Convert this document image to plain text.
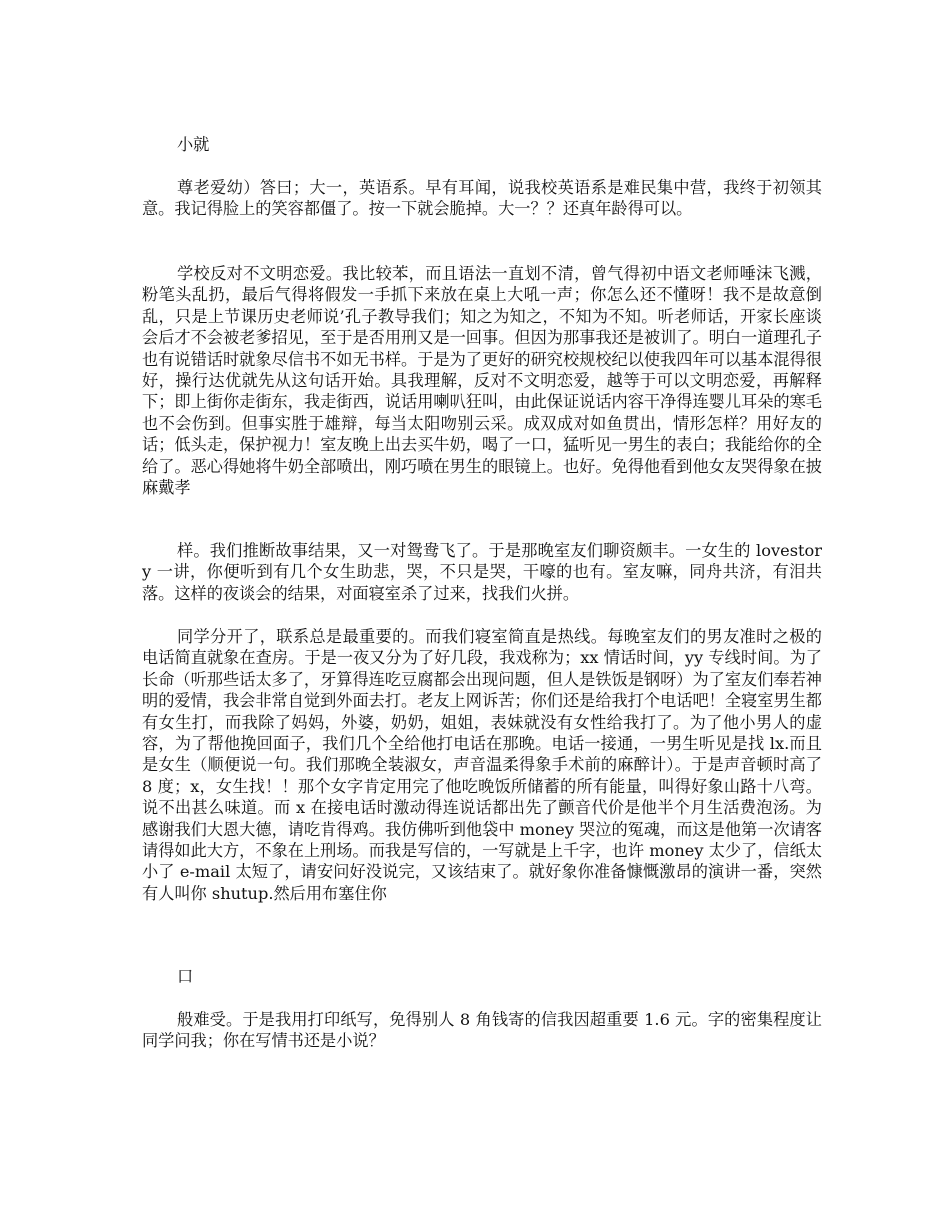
小就

尊老爱幼）答曰；大一，英语系。早有耳闻，说我校英语系是难民集中营，我终于初领其意。我记得脸上的笑容都僵了。按一下就会脆掉。大一？？还真年龄得可以。

学校反对不文明恋爱。我比较苯，而且语法一直划不清，曾气得初中语文老师唾沫飞溅，粉笔头乱扔，最后气得将假发一手抓下来放在桌上大吼一声；你怎么还不懂呀！我不是故意倒乱，只是上节课历史老师说’孔子教导我们；知之为知之，不知为不知。听老师话，开家长座谈会后才不会被老爹招见，至于是否用刑又是一回事。但因为那事我还是被训了。明白一道理孔子也有说错话时就象尽信书不如无书样。于是为了更好的研究校规校纪以使我四年可以基本混得很好，操行达优就先从这句话开始。具我理解，反对不文明恋爱，越等于可以文明恋爱，再解释下；即上街你走街东，我走街西，说话用喇叭狂叫，由此保证说话内容干净得连婴儿耳朵的寒毛也不会伤到。但事实胜于雄辩，每当太阳吻别云采。成双成对如鱼贯出，情形怎样？用好友的话；低头走，保护视力！室友晚上出去买牛奶，喝了一口，猛听见一男生的表白；我能给你的全给了。恶心得她将牛奶全部喷出，刚巧喷在男生的眼镜上。也好。免得他看到他女友哭得象在披麻戴孝

样。我们推断故事结果，又一对鸳鸯飞了。于是那晚室友们聊资颇丰。一女生的 lovestory 一讲，你便听到有几个女生助悲，哭，不只是哭，干嚎的也有。室友嘛，同舟共济，有泪共落。这样的夜谈会的结果，对面寝室杀了过来，找我们火拼。

同学分开了，联系总是最重要的。而我们寝室简直是热线。每晚室友们的男友准时之极的电话简直就象在查房。于是一夜又分为了好几段，我戏称为；xx 情话时间，yy 专线时间。为了长命（听那些话太多了，牙算得连吃豆腐都会出现问题，但人是铁饭是钢呀）为了室友们奉若神明的爱情，我会非常自觉到外面去打。老友上网诉苦；你们还是给我打个电话吧！全寝室男生都有女生打，而我除了妈妈，外婆，奶奶，姐姐，表妹就没有女性给我打了。为了他小男人的虚容，为了帮他挽回面子，我们几个全给他打电话在那晚。电话一接通，一男生听见是找 lx.而且是女生（顺便说一句。我们那晚全装淑女，声音温柔得象手术前的麻醉计）。于是声音顿时高了 8 度；x，女生找！！那个女字肯定用完了他吃晚饭所储蓄的所有能量，叫得好象山路十八弯。说不出甚么味道。而 x 在接电话时激动得连说话都出先了颤音代价是他半个月生活费泡汤。为感谢我们大恩大德，请吃肯得鸡。我仿佛听到他袋中 money 哭泣的冤魂，而这是他第一次请客请得如此大方，不象在上刑场。而我是写信的，一写就是上千字，也许 money 太少了，信纸太小了 e-mail 太短了，请安问好没说完，又该结束了。就好象你准备慷慨激昂的演讲一番，突然有人叫你 shutup.然后用布塞住你

口

般难受。于是我用打印纸写，免得别人 8 角钱寄的信我因超重要 1.6 元。字的密集程度让同学问我；你在写情书还是小说？
